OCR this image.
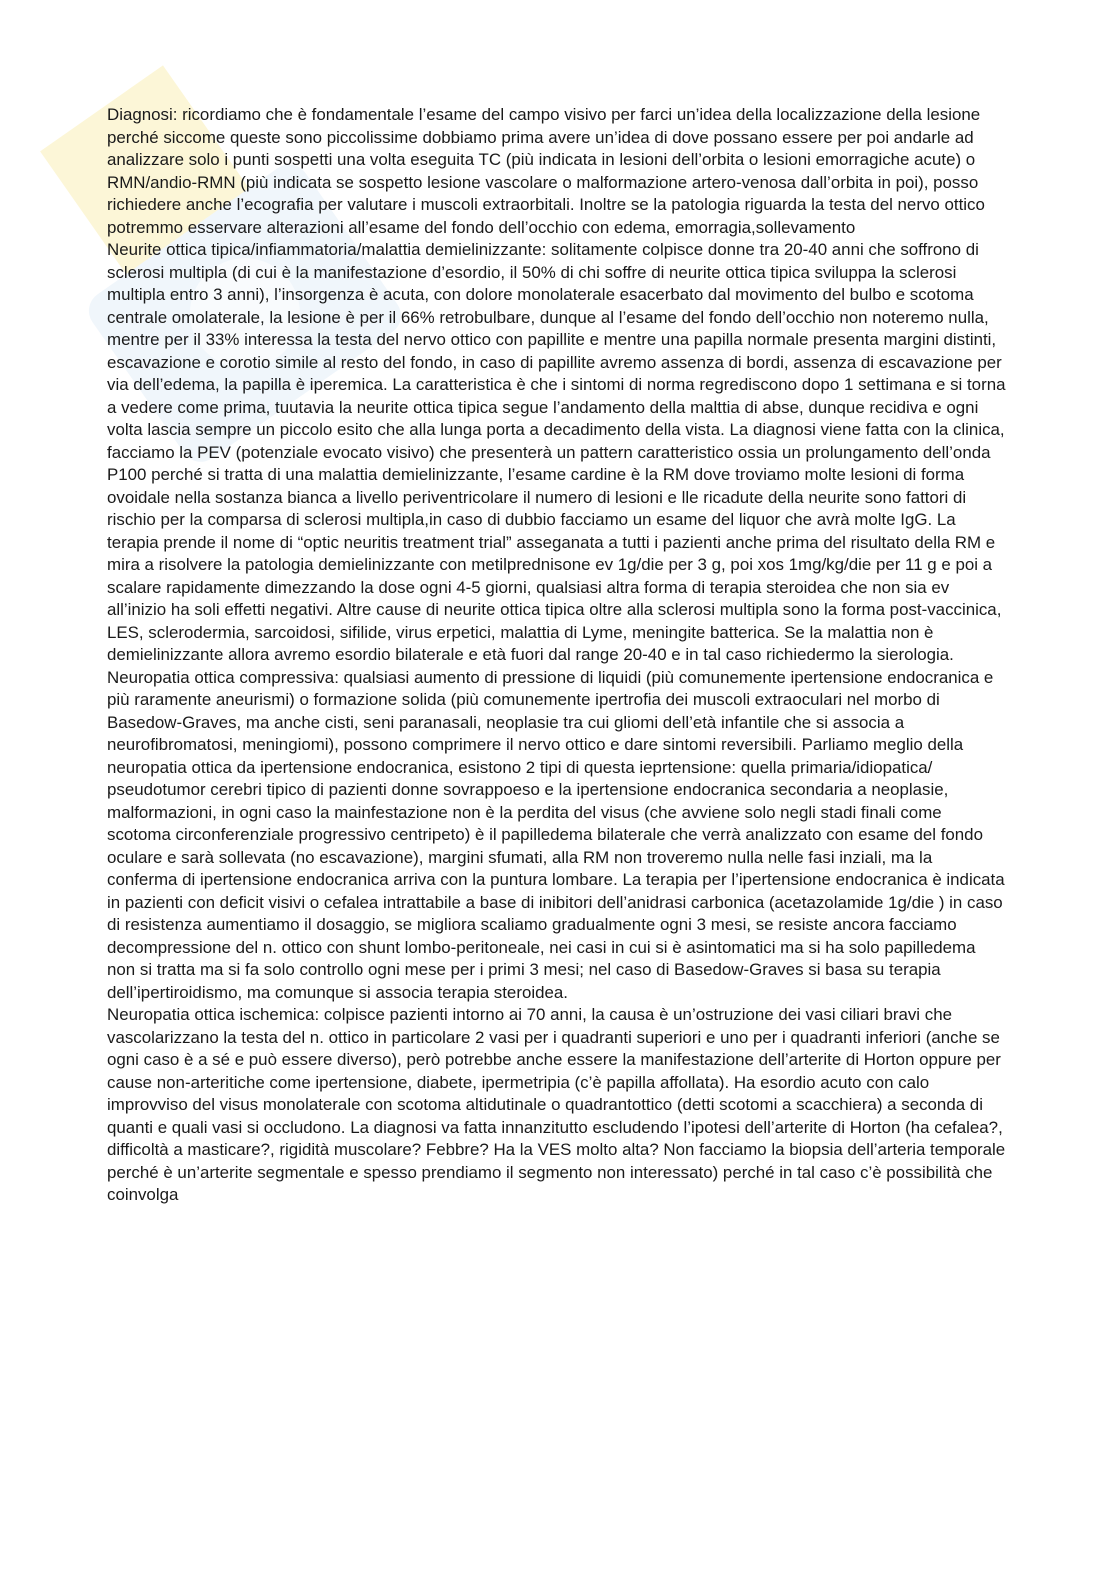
Diagnosi: ricordiamo che è fondamentale l’esame del campo visivo per farci un’idea della localizzazione della lesione perché siccome queste sono piccolissime dobbiamo prima avere un’idea di dove possano essere per poi andarle ad analizzare solo i punti sospetti una volta eseguita TC (più indicata in lesioni dell’orbita o lesioni emorragiche acute) o RMN/andio-RMN (più indicata se sospetto lesione vascolare o malformazione artero-venosa dall’orbita in poi), posso richiedere anche l’ecografia per valutare i muscoli extraorbitali. Inoltre se la patologia riguarda la testa del nervo ottico potremmo esservare alterazioni all’esame del fondo dell’occhio con edema, emorragia,sollevamento

Neurite ottica tipica/infiammatoria/malattia demielinizzante: solitamente colpisce donne tra 20-40 anni che soffrono di sclerosi multipla (di cui è la manifestazione d’esordio, il 50% di chi soffre di neurite ottica tipica sviluppa la sclerosi multipla entro 3 anni), l’insorgenza è acuta, con dolore monolaterale esacerbato dal movimento del bulbo e scotoma centrale omolaterale, la lesione è per il 66% retrobulbare, dunque al l’esame del fondo dell’occhio non noteremo nulla, mentre per il 33% interessa la testa del nervo ottico con papillite e mentre una papilla normale presenta margini distinti, escavazione e corotio simile al resto del fondo, in caso di papillite avremo assenza di bordi, assenza di escavazione per via dell’edema, la papilla è iperemica. La caratteristica è che i sintomi di norma regrediscono dopo 1 settimana e si torna a vedere come prima, tuutavia la neurite ottica tipica segue l’andamento della malttia di abse, dunque recidiva e ogni volta lascia sempre un piccolo esito che alla lunga porta a decadimento della vista. La diagnosi viene fatta con la clinica, facciamo la PEV (potenziale evocato visivo) che presenterà un pattern caratteristico ossia un prolungamento dell’onda P100 perché si tratta di una malattia demielinizzante, l’esame cardine è la RM dove troviamo molte lesioni di forma ovoidale nella sostanza bianca a livello periventricolare il numero di lesioni e lle ricadute della neurite sono fattori di rischio per la comparsa di sclerosi multipla,in caso di dubbio facciamo un esame del liquor che avrà molte IgG. La terapia prende il nome di “optic neuritis treatment trial” asseganata a tutti i pazienti anche prima del risultato della RM e mira a risolvere la patologia demielinizzante con metilprednisone ev 1g/die per 3 g, poi xos 1mg/kg/die per 11 g e poi a scalare rapidamente dimezzando la dose ogni 4-5 giorni, qualsiasi altra forma di terapia steroidea che non sia ev all’inizio ha soli effetti negativi. Altre cause di neurite ottica tipica oltre alla sclerosi multipla sono la forma post-vaccinica, LES, sclerodermia, sarcoidosi, sifilide, virus erpetici, malattia di Lyme, meningite batterica. Se la malattia non è demielinizzante allora avremo esordio bilaterale e età fuori dal range 20-40 e in tal caso richiedermo la sierologia.

Neuropatia ottica compressiva: qualsiasi aumento di pressione di liquidi (più comunemente ipertensione endocranica e più raramente aneurismi) o formazione solida (più comunemente ipertrofia dei muscoli extraoculari nel morbo di Basedow-Graves, ma anche cisti, seni paranasali, neoplasie tra cui gliomi dell’età infantile che si associa a neurofibromatosi, meningiomi), possono comprimere il nervo ottico e dare sintomi reversibili. Parliamo meglio della neuropatia ottica da ipertensione endocranica, esistono 2 tipi di questa ieprtensione: quella primaria/idiopatica/ pseudotumor cerebri tipico di pazienti donne sovrappoeso e la ipertensione endocranica secondaria a neoplasie, malformazioni, in ogni caso la mainfestazione non è la perdita del visus (che avviene solo negli stadi finali come scotoma circonferenziale progressivo centripeto) è il papilledema bilaterale che verrà analizzato con esame del fondo oculare e sarà sollevata (no escavazione), margini sfumati, alla RM non troveremo nulla nelle fasi inziali, ma la conferma di ipertensione endocranica arriva con la puntura lombare. La terapia per l’ipertensione endocranica è indicata in pazienti con deficit visivi o cefalea intrattabile a base di inibitori dell’anidrasi carbonica (acetazolamide 1g/die ) in caso di resistenza aumentiamo il dosaggio, se migliora scaliamo gradualmente ogni 3 mesi, se resiste ancora facciamo decompressione del n. ottico con shunt lombo-peritoneale, nei casi in cui si è asintomatici ma si ha solo papilledema non si tratta ma si fa solo controllo ogni mese per i primi 3 mesi; nel caso di Basedow-Graves si basa su terapia dell’ipertiroidismo, ma comunque si associa terapia steroidea.

Neuropatia ottica ischemica: colpisce pazienti intorno ai 70 anni, la causa è un’ostruzione dei vasi ciliari bravi che vascolarizzano la testa del n. ottico in particolare 2 vasi per i quadranti superiori e uno per i quadranti inferiori (anche se ogni caso è a sé e può essere diverso), però potrebbe anche essere la manifestazione dell’arterite di Horton oppure per cause non-arteritiche come ipertensione, diabete, ipermetripia (c’è papilla affollata). Ha esordio acuto con calo improvviso del visus monolaterale con scotoma altidutinale o quadrantottico (detti scotomi a scacchiera) a seconda di quanti e quali vasi si occludono. La diagnosi va fatta innanzitutto escludendo l’ipotesi dell’arterite di Horton (ha cefalea?, difficoltà a masticare?, rigidità muscolare? Febbre? Ha la VES molto alta? Non facciamo la biopsia dell’arteria temporale perché è un’arterite segmentale e spesso prendiamo il segmento non interessato) perché in tal caso c’è possibilità che coinvolga
